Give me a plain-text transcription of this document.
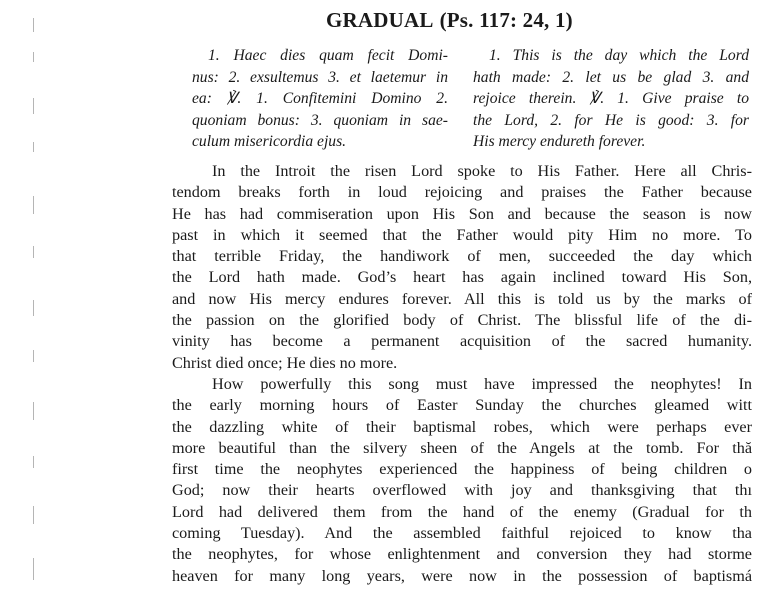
GRADUAL (Ps. 117: 24, 1)
1. Haec dies quam fecit Domi-
nus: 2. exsultemus 3. et laetemur in
ea: ℣. 1. Confitemini Domino 2.
quoniam bonus: 3. quoniam in sae-
culum misericordia ejus.
1. This is the day which the Lord
hath made: 2. let us be glad 3. and
rejoice therein. ℣. 1. Give praise to
the Lord, 2. for He is good: 3. for
His mercy endureth forever.
In the Introit the risen Lord spoke to His Father. Here all Chris-
tendom breaks forth in loud rejoicing and praises the Father because
He has had commiseration upon His Son and because the season is now
past in which it seemed that the Father would pity Him no more. To
that terrible Friday, the handiwork of men, succeeded the day which
the Lord hath made. God’s heart has again inclined toward His Son,
and now His mercy endures forever. All this is told us by the marks of
the passion on the glorified body of Christ. The blissful life of the di-
vinity has become a permanent acquisition of the sacred humanity.
Christ died once; He dies no more.
How powerfully this song must have impressed the neophytes! In
the early morning hours of Easter Sunday the churches gleamed witt
the dazzling white of their baptismal robes, which were perhaps ever
more beautiful than the silvery sheen of the Angels at the tomb. For thă
first time the neophytes experienced the happiness of being children o
God; now their hearts overflowed with joy and thanksgiving that thı
Lord had delivered them from the hand of the enemy (Gradual for th
coming Tuesday). And the assembled faithful rejoiced to know tha
the neophytes, for whose enlightenment and conversion they had storme
heaven for many long years, were now in the possession of baptismá
